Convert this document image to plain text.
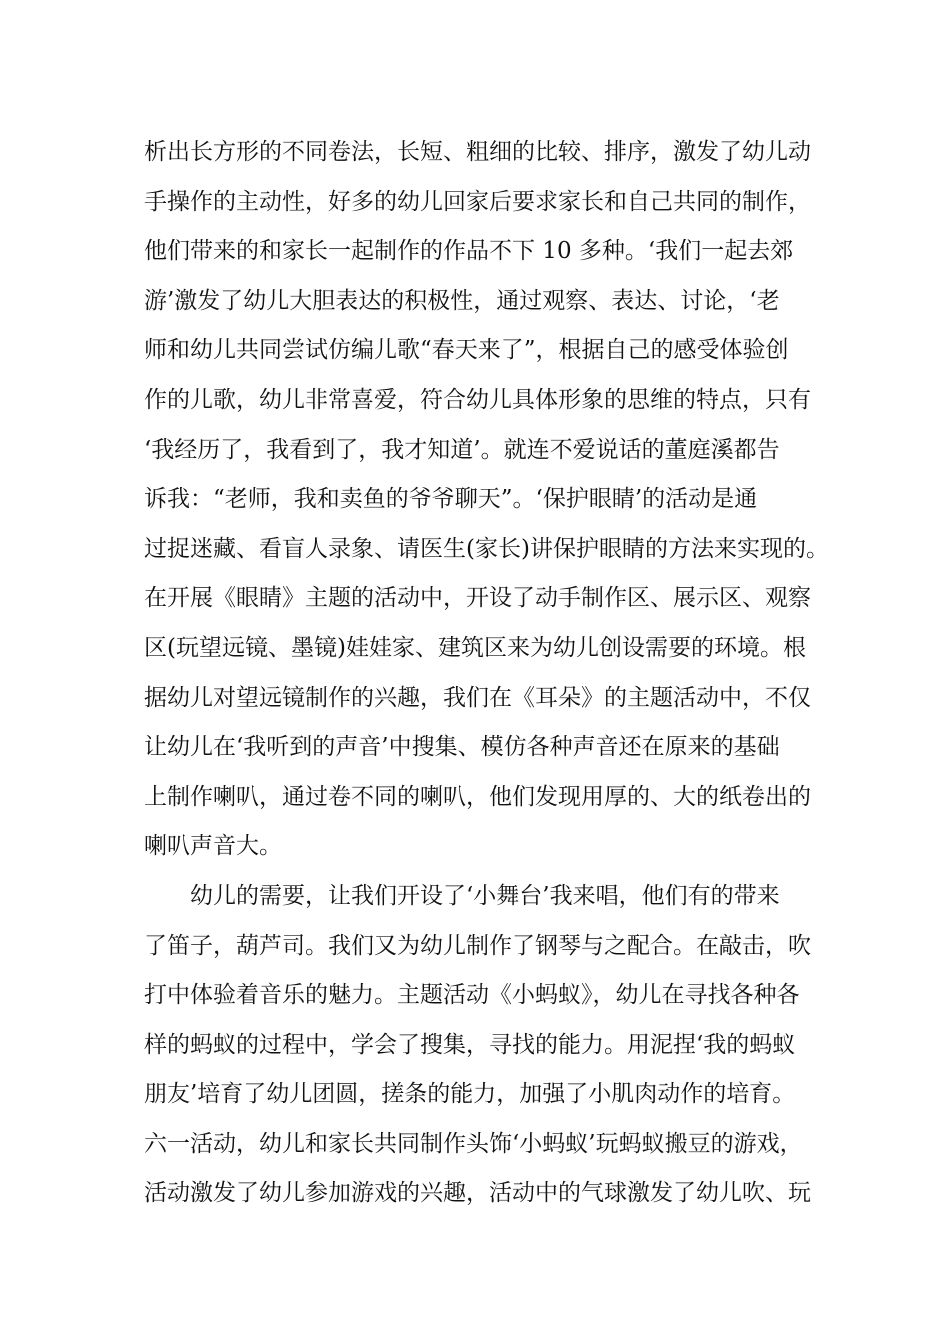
析出长方形的不同卷法，长短、粗细的比较、排序，激发了幼儿动
手操作的主动性，好多的幼儿回家后要求家长和自己共同的制作，
他们带来的和家长一起制作的作品不下 10 多种。‘我们一起去郊
游’激发了幼儿大胆表达的积极性，通过观察、表达、讨论，‘老
师和幼儿共同尝试仿编儿歌“春天来了”，根据自己的感受体验创
作的儿歌，幼儿非常喜爱，符合幼儿具体形象的思维的特点，只有
‘我经历了，我看到了，我才知道’。就连不爱说话的董庭溪都告
诉我：“老师，我和卖鱼的爷爷聊天”。‘保护眼睛’的活动是通
过捉迷藏、看盲人录象、请医生(家长)讲保护眼睛的方法来实现的。
在开展《眼睛》主题的活动中，开设了动手制作区、展示区、观察
区(玩望远镜、墨镜)娃娃家、建筑区来为幼儿创设需要的环境。根
据幼儿对望远镜制作的兴趣，我们在《耳朵》的主题活动中，不仅
让幼儿在‘我听到的声音’中搜集、模仿各种声音还在原来的基础
上制作喇叭，通过卷不同的喇叭，他们发现用厚的、大的纸卷出的
喇叭声音大。
幼儿的需要，让我们开设了‘小舞台’我来唱，他们有的带来
了笛子，葫芦司。我们又为幼儿制作了钢琴与之配合。在敲击，吹
打中体验着音乐的魅力。主题活动《小蚂蚁》，幼儿在寻找各种各
样的蚂蚁的过程中，学会了搜集，寻找的能力。用泥捏‘我的蚂蚁
朋友’培育了幼儿团圆，搓条的能力，加强了小肌肉动作的培育。
六一活动，幼儿和家长共同制作头饰‘小蚂蚁’玩蚂蚁搬豆的游戏，
活动激发了幼儿参加游戏的兴趣，活动中的气球激发了幼儿吹、玩
